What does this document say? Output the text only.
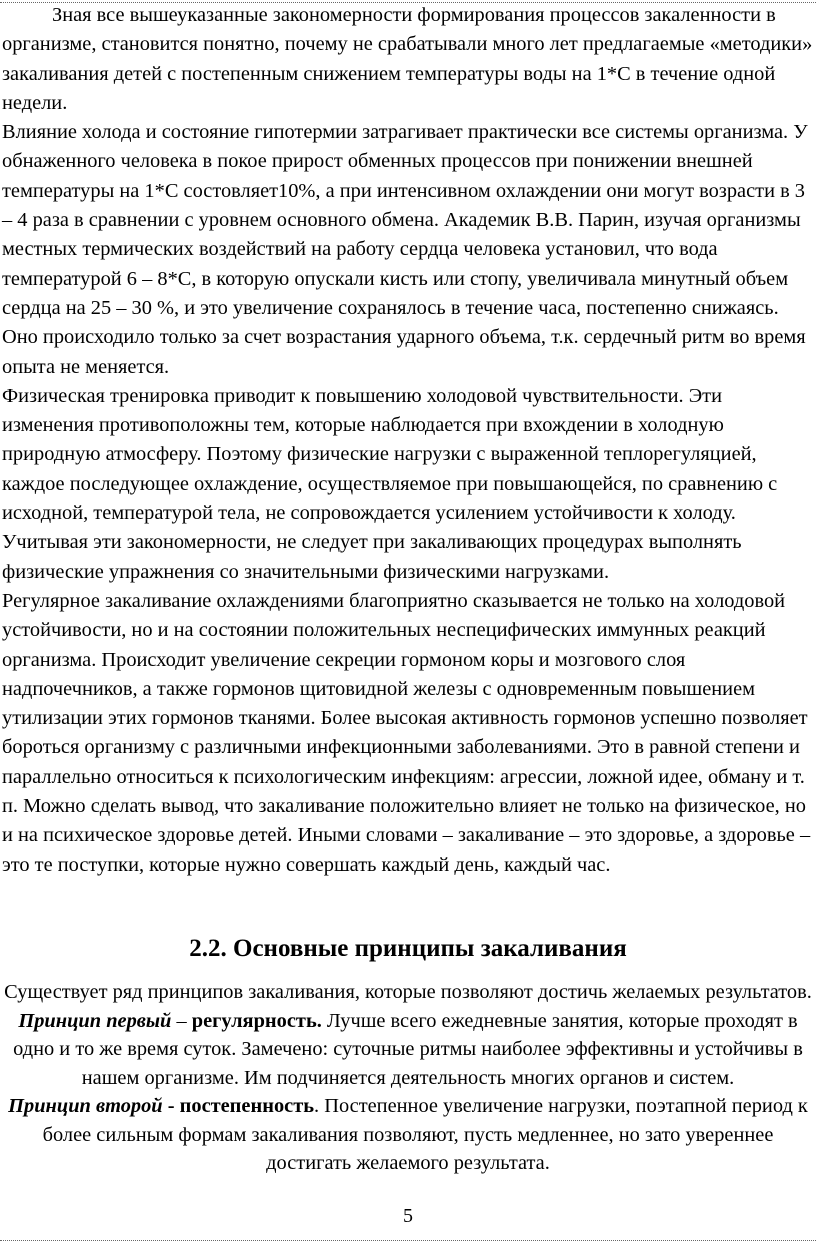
Зная все вышеуказанные закономерности формирования процессов закаленности в организме, становится понятно, почему не срабатывали много лет предлагаемые «методики» закаливания детей с постепенным снижением температуры воды на 1*С в течение одной недели.

Влияние холода и состояние гипотермии затрагивает практически все системы организма. У обнаженного человека в покое прирост обменных процессов при понижении внешней температуры на 1*С состовляет10%, а при интенсивном охлаждении они могут возрасти в 3 – 4 раза в сравнении с уровнем основного обмена. Академик В.В. Парин, изучая организмы местных термических воздействий на работу сердца человека установил, что вода температурой 6 – 8*С, в которую опускали кисть или стопу, увеличивала минутный объем сердца на 25 – 30 %, и это увеличение сохранялось в течение часа, постепенно снижаясь. Оно происходило только за счет возрастания ударного объема, т.к. сердечный ритм во время опыта не меняется.

Физическая тренировка приводит к повышению холодовой чувствительности. Эти изменения противоположны тем, которые наблюдается при вхождении в холодную природную атмосферу. Поэтому физические нагрузки с выраженной теплорегуляцией, каждое последующее охлаждение, осуществляемое при повышающейся, по сравнению с исходной, температурой тела, не сопровождается усилением устойчивости к холоду. Учитывая эти закономерности, не следует при закаливающих процедурах выполнять физические упражнения со значительными физическими нагрузками.

Регулярное закаливание охлаждениями благоприятно сказывается не только на холодовой устойчивости, но и на состоянии положительных неспецифических иммунных реакций организма. Происходит увеличение секреции гормоном коры и мозгового слоя надпочечников, а также гормонов щитовидной железы с одновременным повышением утилизации этих гормонов тканями. Более высокая активность гормонов успешно позволяет бороться организму с различными инфекционными заболеваниями. Это в равной степени и параллельно относиться к психологическим инфекциям: агрессии, ложной идее, обману и т. п. Можно сделать вывод, что закаливание положительно влияет не только на физическое, но и на психическое здоровье детей. Иными словами – закаливание – это здоровье, а здоровье – это те поступки, которые нужно совершать каждый день, каждый час.

2.2. Основные принципы закаливания

Существует ряд принципов закаливания, которые позволяют достичь желаемых результатов.

Принцип первый – регулярность. Лучше всего ежедневные занятия, которые проходят в одно и то же время суток. Замечено: суточные ритмы наиболее эффективны и устойчивы в нашем организме. Им подчиняется деятельность многих органов и систем.

Принцип второй - постепенность. Постепенное увеличение нагрузки, поэтапной период к более сильным формам закаливания позволяют, пусть медленнее, но зато увереннее достигать желаемого результата.

5
